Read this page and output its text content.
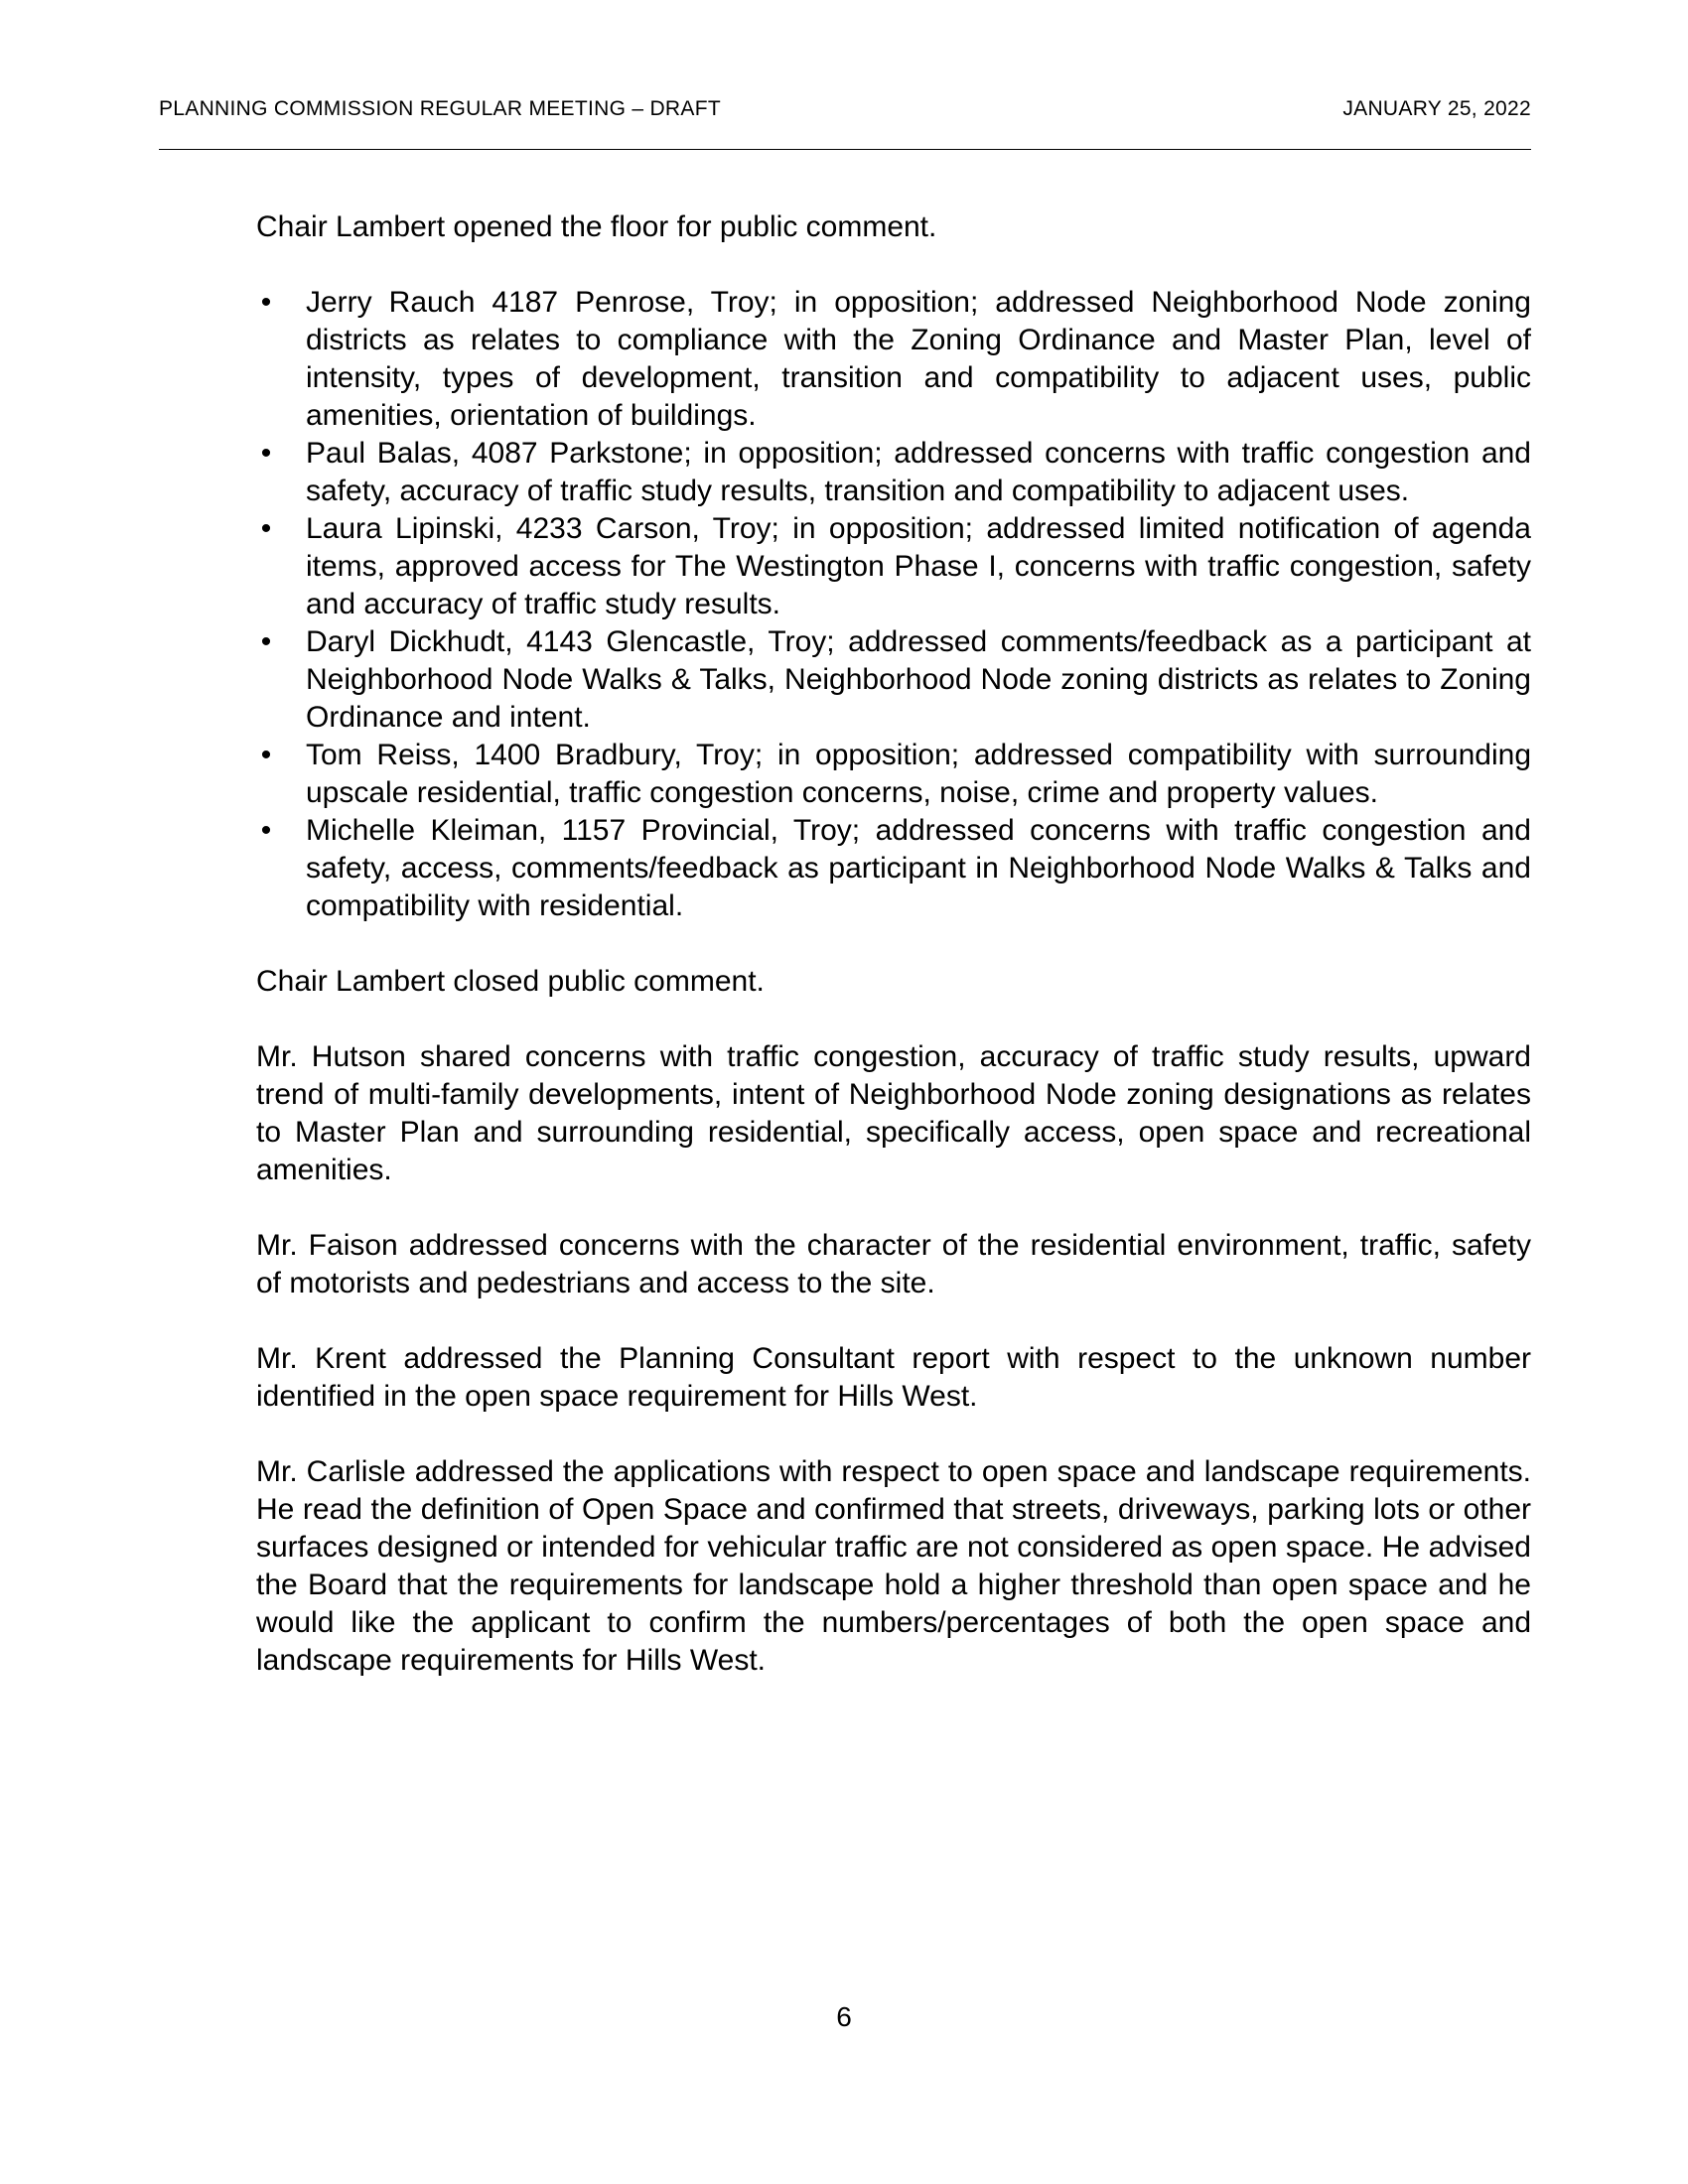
PLANNING COMMISSION REGULAR MEETING – DRAFT	JANUARY 25, 2022

Chair Lambert opened the floor for public comment.

• Jerry Rauch 4187 Penrose, Troy; in opposition; addressed Neighborhood Node zoning districts as relates to compliance with the Zoning Ordinance and Master Plan, level of intensity, types of development, transition and compatibility to adjacent uses, public amenities, orientation of buildings.
• Paul Balas, 4087 Parkstone; in opposition; addressed concerns with traffic congestion and safety, accuracy of traffic study results, transition and compatibility to adjacent uses.
• Laura Lipinski, 4233 Carson, Troy; in opposition; addressed limited notification of agenda items, approved access for The Westington Phase I, concerns with traffic congestion, safety and accuracy of traffic study results.
• Daryl Dickhudt, 4143 Glencastle, Troy; addressed comments/feedback as a participant at Neighborhood Node Walks & Talks, Neighborhood Node zoning districts as relates to Zoning Ordinance and intent.
• Tom Reiss, 1400 Bradbury, Troy; in opposition; addressed compatibility with surrounding upscale residential, traffic congestion concerns, noise, crime and property values.
• Michelle Kleiman, 1157 Provincial, Troy; addressed concerns with traffic congestion and safety, access, comments/feedback as participant in Neighborhood Node Walks & Talks and compatibility with residential.

Chair Lambert closed public comment.

Mr. Hutson shared concerns with traffic congestion, accuracy of traffic study results, upward trend of multi-family developments, intent of Neighborhood Node zoning designations as relates to Master Plan and surrounding residential, specifically access, open space and recreational amenities.

Mr. Faison addressed concerns with the character of the residential environment, traffic, safety of motorists and pedestrians and access to the site.

Mr. Krent addressed the Planning Consultant report with respect to the unknown number identified in the open space requirement for Hills West.

Mr. Carlisle addressed the applications with respect to open space and landscape requirements. He read the definition of Open Space and confirmed that streets, driveways, parking lots or other surfaces designed or intended for vehicular traffic are not considered as open space. He advised the Board that the requirements for landscape hold a higher threshold than open space and he would like the applicant to confirm the numbers/percentages of both the open space and landscape requirements for Hills West.

6
